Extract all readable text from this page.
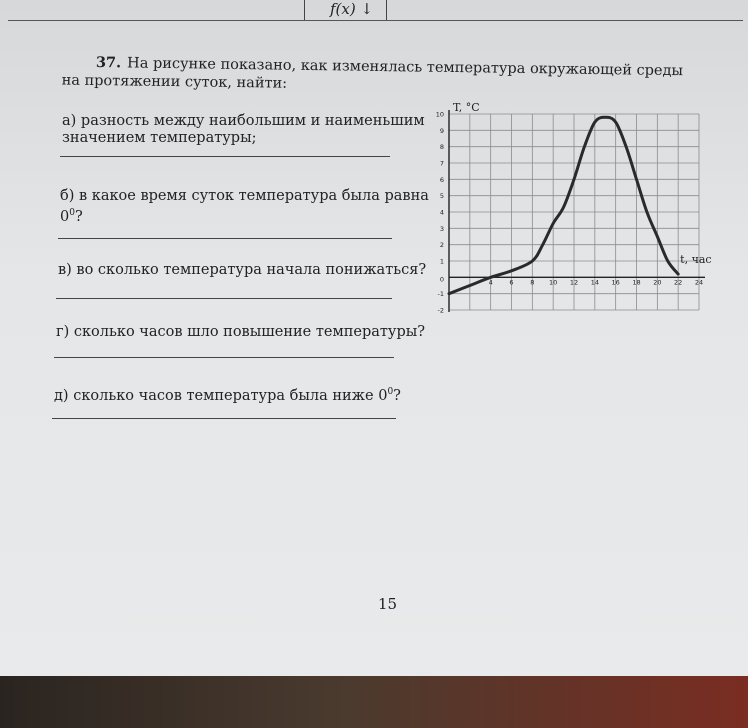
f(x) ↓
37. На рисунке показано, как изменялась температура окружающей среды
на протяжении суток, найти:
а) разность между наибольшим и наименьшим
значением температуры;
б) в какое время суток температура была равна
$0^0$?
в) во сколько температура начала понижаться?
г) сколько часов шло повышение температуры?
д) сколько часов температура была ниже $0^0$?
15
-2
-1
1
2
3
4
5
6
7
8
9
10
0	4	6	8 10 12 14 16 18 20 22 24
T, °C
t, час
